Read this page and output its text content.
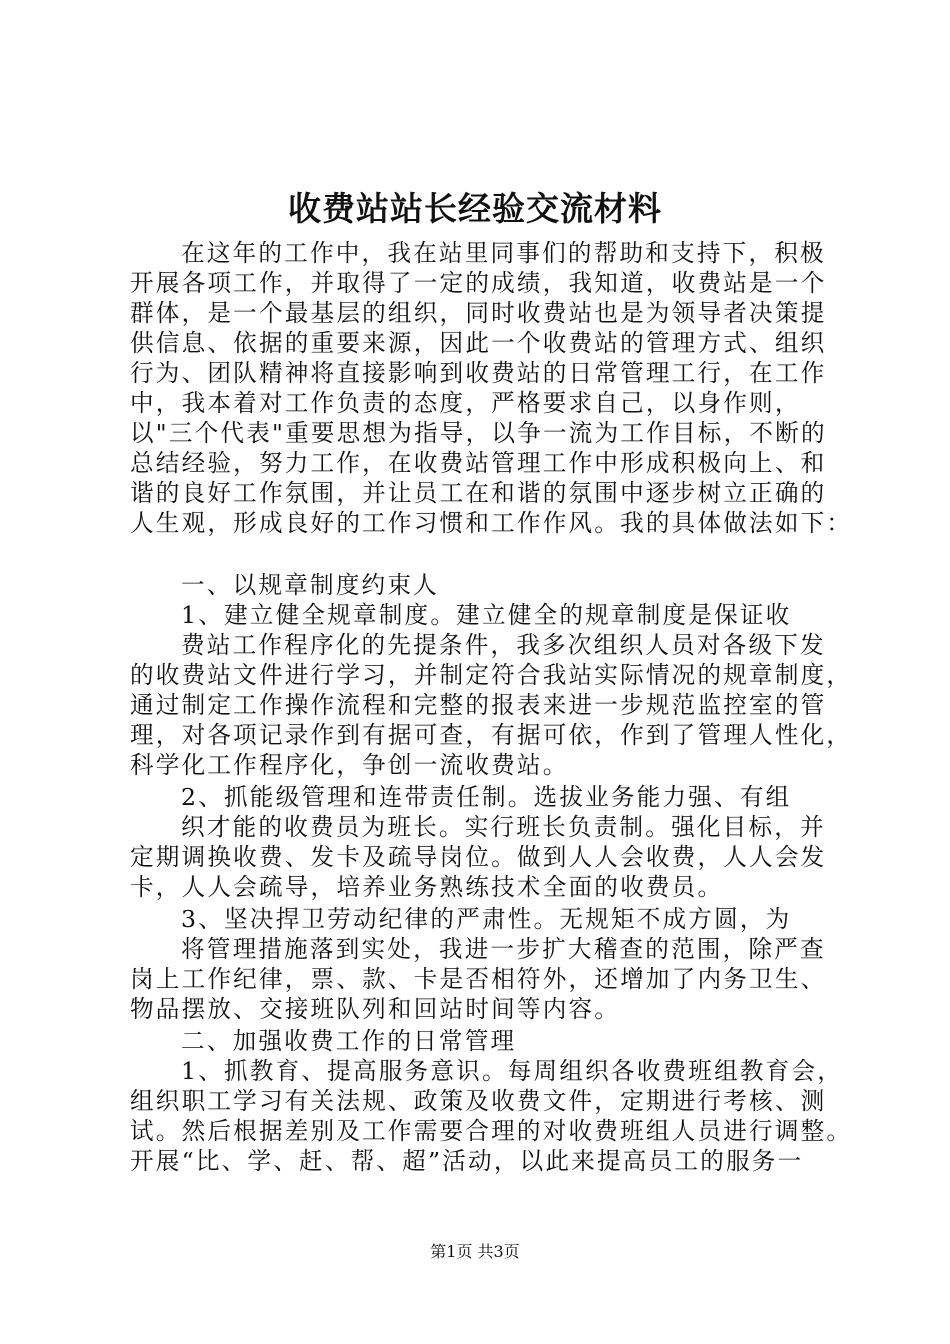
收费站站长经验交流材料
在这年的工作中，我在站里同事们的帮助和支持下，积极
开展各项工作，并取得了一定的成绩，我知道，收费站是一个
群体，是一个最基层的组织，同时收费站也是为领导者决策提
供信息、依据的重要来源，因此一个收费站的管理方式、组织
行为、团队精神将直接影响到收费站的日常管理工行，在工作
中，我本着对工作负责的态度，严格要求自己，以身作则，
以"三个代表"重要思想为指导，以争一流为工作目标，不断的
总结经验，努力工作，在收费站管理工作中形成积极向上、和
谐的良好工作氛围，并让员工在和谐的氛围中逐步树立正确的
人生观，形成良好的工作习惯和工作作风。我的具体做法如下：
一、以规章制度约束人
1、建立健全规章制度。建立健全的规章制度是保证收
费站工作程序化的先提条件，我多次组织人员对各级下发
的收费站文件进行学习，并制定符合我站实际情况的规章制度，
通过制定工作操作流程和完整的报表来进一步规范监控室的管
理，对各项记录作到有据可查，有据可依，作到了管理人性化，
科学化工作程序化，争创一流收费站。
2、抓能级管理和连带责任制。选拔业务能力强、有组
织才能的收费员为班长。实行班长负责制。强化目标，并
定期调换收费、发卡及疏导岗位。做到人人会收费，人人会发
卡，人人会疏导，培养业务熟练技术全面的收费员。
3、坚决捍卫劳动纪律的严肃性。无规矩不成方圆，为
将管理措施落到实处，我进一步扩大稽查的范围，除严查
岗上工作纪律，票、款、卡是否相符外，还增加了内务卫生、
物品摆放、交接班队列和回站时间等内容。
二、加强收费工作的日常管理
1、抓教育、提高服务意识。每周组织各收费班组教育会，
组织职工学习有关法规、政策及收费文件，定期进行考核、测
试。然后根据差别及工作需要合理的对收费班组人员进行调整。
开展“比、学、赶、帮、超”活动，以此来提高员工的服务一
第1页 共3页
